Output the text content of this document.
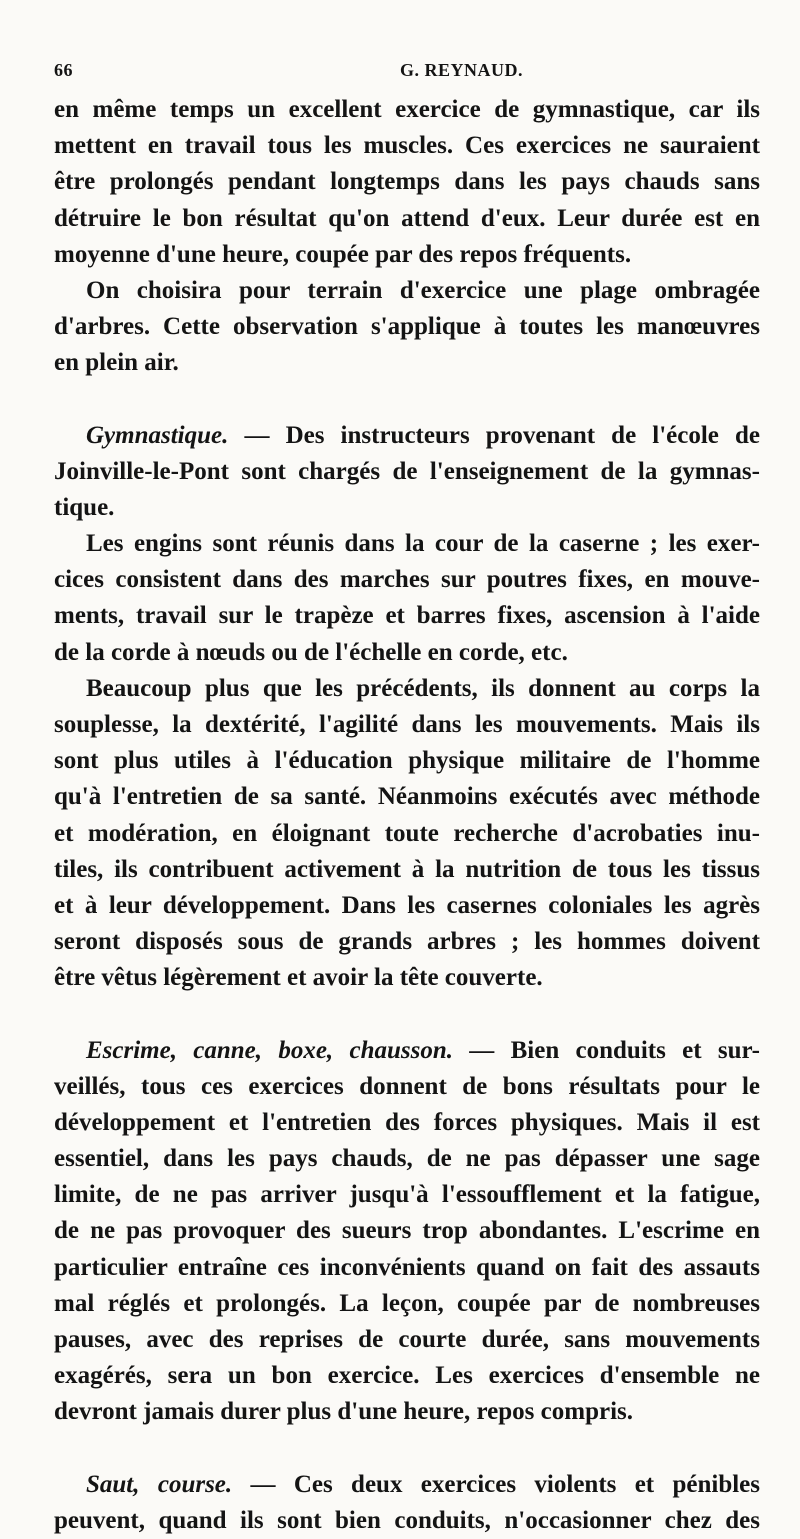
66	G. REYNAUD.
en même temps un excellent exercice de gymnastique, car ils
mettent en travail tous les muscles. Ces exercices ne sauraient
être prolongés pendant longtemps dans les pays chauds sans
détruire le bon résultat qu'on attend d'eux. Leur durée est en
moyenne d'une heure, coupée par des repos fréquents.
On choisira pour terrain d'exercice une plage ombragée
d'arbres. Cette observation s'applique à toutes les manœuvres
en plein air.
Gymnastique. — Des instructeurs provenant de l'école de
Joinville-le-Pont sont chargés de l'enseignement de la gymnas-
tique.
Les engins sont réunis dans la cour de la caserne ; les exer-
cices consistent dans des marches sur poutres fixes, en mouve-
ments, travail sur le trapèze et barres fixes, ascension à l'aide
de la corde à nœuds ou de l'échelle en corde, etc.
Beaucoup plus que les précédents, ils donnent au corps la
souplesse, la dextérité, l'agilité dans les mouvements. Mais ils
sont plus utiles à l'éducation physique militaire de l'homme
qu'à l'entretien de sa santé. Néanmoins exécutés avec méthode
et modération, en éloignant toute recherche d'acrobaties inu-
tiles, ils contribuent activement à la nutrition de tous les tissus
et à leur développement. Dans les casernes coloniales les agrès
seront disposés sous de grands arbres ; les hommes doivent
être vêtus légèrement et avoir la tête couverte.
Escrime, canne, boxe, chausson. — Bien conduits et sur-
veillés, tous ces exercices donnent de bons résultats pour le
développement et l'entretien des forces physiques. Mais il est
essentiel, dans les pays chauds, de ne pas dépasser une sage
limite, de ne pas arriver jusqu'à l'essoufflement et la fatigue,
de ne pas provoquer des sueurs trop abondantes. L'escrime en
particulier entraîne ces inconvénients quand on fait des assauts
mal réglés et prolongés. La leçon, coupée par de nombreuses
pauses, avec des reprises de courte durée, sans mouvements
exagérés, sera un bon exercice. Les exercices d'ensemble ne
devront jamais durer plus d'une heure, repos compris.
Saut, course. — Ces deux exercices violents et pénibles
peuvent, quand ils sont bien conduits, n'occasionner chez des
